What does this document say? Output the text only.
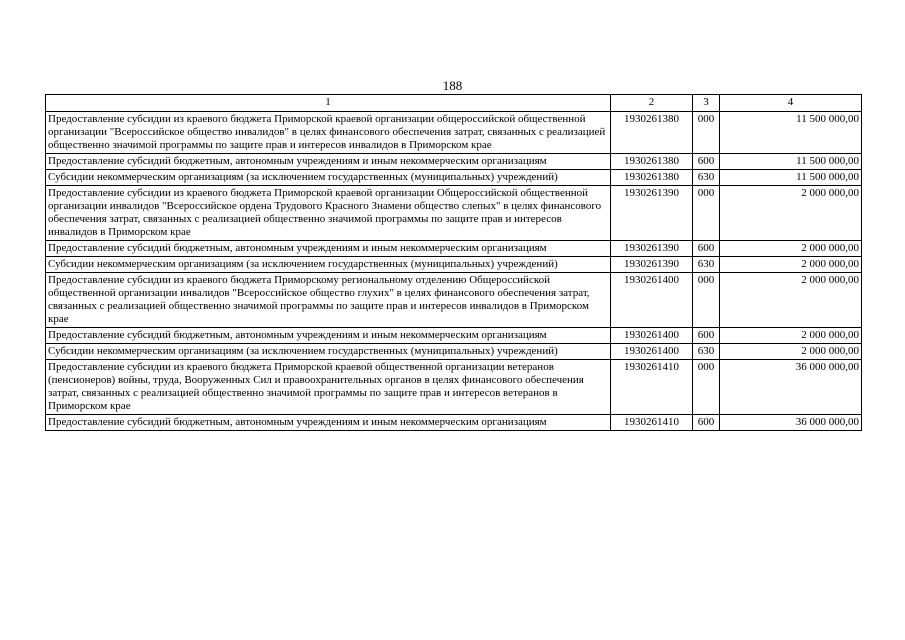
188
1	2	3	4
Предоставление субсидии из краевого бюджета Приморской краевой организации общероссийской общественной организации "Всероссийское общество инвалидов" в целях финансового обеспечения затрат, связанных с реализацией общественно значимой программы по защите прав и интересов инвалидов в Приморском крае	1930261380	000	11 500 000,00
Предоставление субсидий бюджетным, автономным учреждениям и иным некоммерческим организациям	1930261380	600	11 500 000,00
Субсидии некоммерческим организациям (за исключением государственных (муниципальных) учреждений)	1930261380	630	11 500 000,00
Предоставление субсидии из краевого бюджета Приморской краевой организации Общероссийской общественной организации инвалидов "Всероссийское ордена Трудового Красного Знамени общество слепых" в целях финансового обеспечения затрат, связанных с реализацией общественно значимой программы по защите прав и интересов инвалидов в Приморском крае	1930261390	000	2 000 000,00
Предоставление субсидий бюджетным, автономным учреждениям и иным некоммерческим организациям	1930261390	600	2 000 000,00
Субсидии некоммерческим организациям (за исключением государственных (муниципальных) учреждений)	1930261390	630	2 000 000,00
Предоставление субсидии из краевого бюджета Приморскому региональному отделению Общероссийской общественной организации инвалидов "Всероссийское общество глухих" в целях финансового обеспечения затрат, связанных с реализацией общественно значимой программы по защите прав и интересов инвалидов в Приморском крае	1930261400	000	2 000 000,00
Предоставление субсидий бюджетным, автономным учреждениям и иным некоммерческим организациям	1930261400	600	2 000 000,00
Субсидии некоммерческим организациям (за исключением государственных (муниципальных) учреждений)	1930261400	630	2 000 000,00
Предоставление субсидии из краевого бюджета Приморской краевой общественной организации ветеранов (пенсионеров) войны, труда, Вооруженных Сил и правоохранительных органов в целях финансового обеспечения затрат, связанных с реализацией общественно значимой программы по защите прав и интересов ветеранов в Приморском крае	1930261410	000	36 000 000,00
Предоставление субсидий бюджетным, автономным учреждениям и иным некоммерческим организациям	1930261410	600	36 000 000,00
